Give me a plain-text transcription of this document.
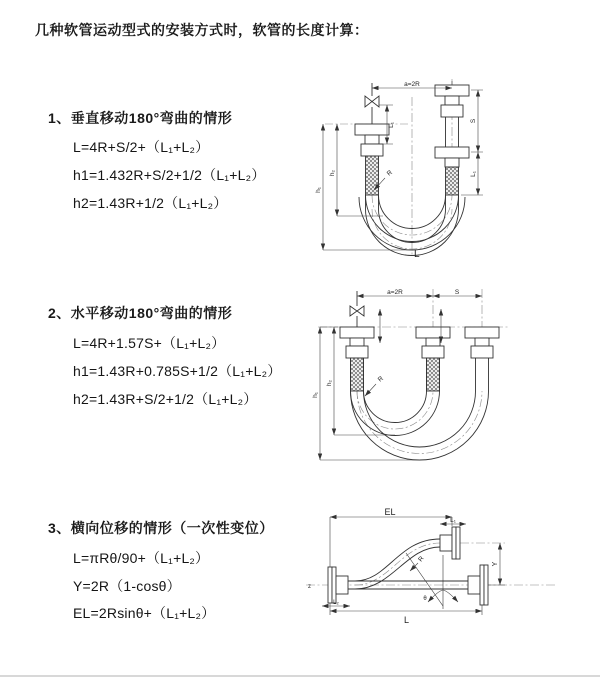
几种软管运动型式的安装方式时，软管的长度计算：

1、垂直移动180°弯曲的情形

L=4R+S/2+（L₁+L₂）

h1=1.432R+S/2+1/2（L₁+L₂）

h2=1.43R+1/2（L₁+L₂）

2、水平移动180°弯曲的情形

L=4R+1.57S+（L₁+L₂）

h1=1.43R+0.785S+1/2（L₁+L₂）

h2=1.43R+S/2+1/2（L₁+L₂）

3、横向位移的情形（一次性变位）

L=πRθ/90+（L₁+L₂）

Y=2R（1-cosθ）

EL=2Rsinθ+（L₁+L₂）

a=2R
h₁
h₂
L₁
S
L₁
R
L
a=2R	S
h₁
h₂	R
EL
L₁
Y
L
L₂
R
θ
z
